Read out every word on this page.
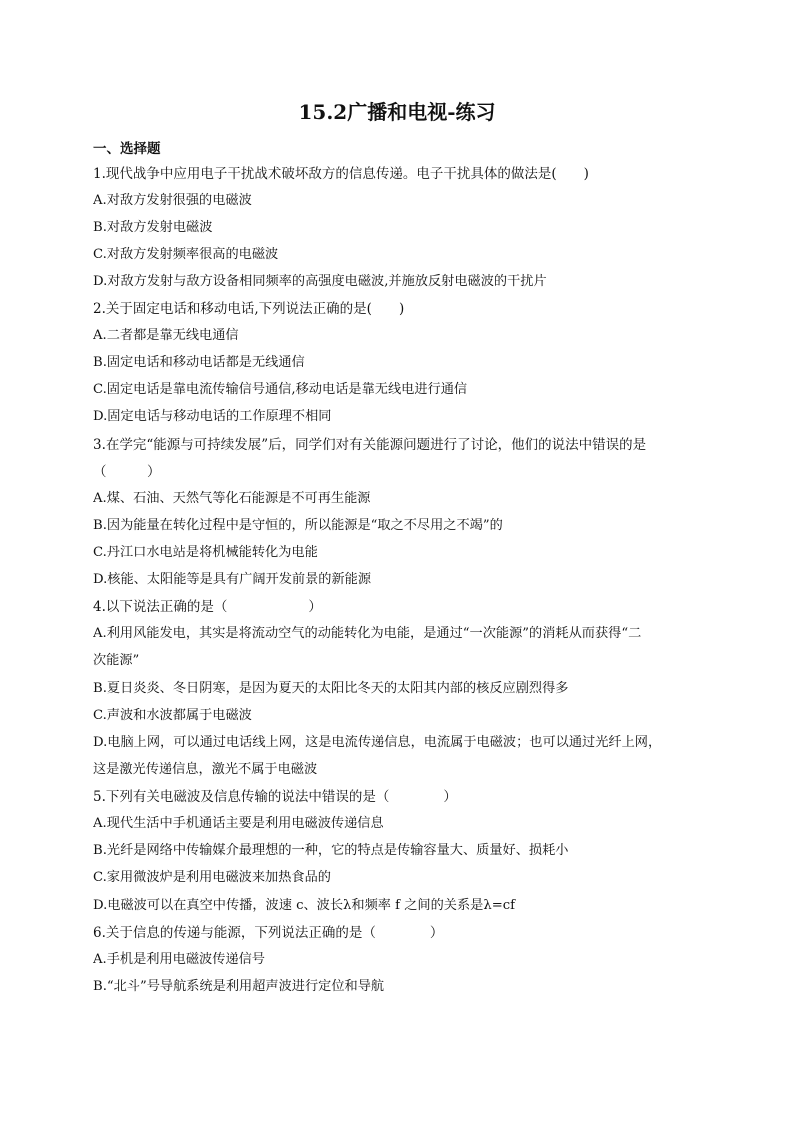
15.2广播和电视-练习
一、选择题
1.现代战争中应用电子干扰战术破坏敌方的信息传递。电子干扰具体的做法是(　　)
A.对敌方发射很强的电磁波
B.对敌方发射电磁波
C.对敌方发射频率很高的电磁波
D.对敌方发射与敌方设备相同频率的高强度电磁波,并施放反射电磁波的干扰片
2.关于固定电话和移动电话,下列说法正确的是(　　)
A.二者都是靠无线电通信
B.固定电话和移动电话都是无线通信
C.固定电话是靠电流传输信号通信,移动电话是靠无线电进行通信
D.固定电话与移动电话的工作原理不相同
3.在学完“能源与可持续发展”后，同学们对有关能源问题进行了讨论，他们的说法中错误的是
（　　　）
A.煤、石油、天然气等化石能源是不可再生能源
B.因为能量在转化过程中是守恒的，所以能源是“取之不尽用之不竭”的
C.丹江口水电站是将机械能转化为电能
D.核能、太阳能等是具有广阔开发前景的新能源
4.以下说法正确的是（　　　　　　）
A.利用风能发电，其实是将流动空气的动能转化为电能，是通过“一次能源”的消耗从而获得“二
次能源”
B.夏日炎炎、冬日阴寒，是因为夏天的太阳比冬天的太阳其内部的核反应剧烈得多
C.声波和水波都属于电磁波
D.电脑上网，可以通过电话线上网，这是电流传递信息，电流属于电磁波；也可以通过光纤上网，
这是激光传递信息，激光不属于电磁波
5.下列有关电磁波及信息传输的说法中错误的是（　　　　）
A.现代生活中手机通话主要是利用电磁波传递信息
B.光纤是网络中传输媒介最理想的一种，它的特点是传输容量大、质量好、损耗小
C.家用微波炉是利用电磁波来加热食品的
D.电磁波可以在真空中传播，波速 c、波长λ和频率 f 之间的关系是λ=cf
6.关于信息的传递与能源，下列说法正确的是（　　　　）
A.手机是利用电磁波传递信号
B.“北斗”号导航系统是利用超声波进行定位和导航
